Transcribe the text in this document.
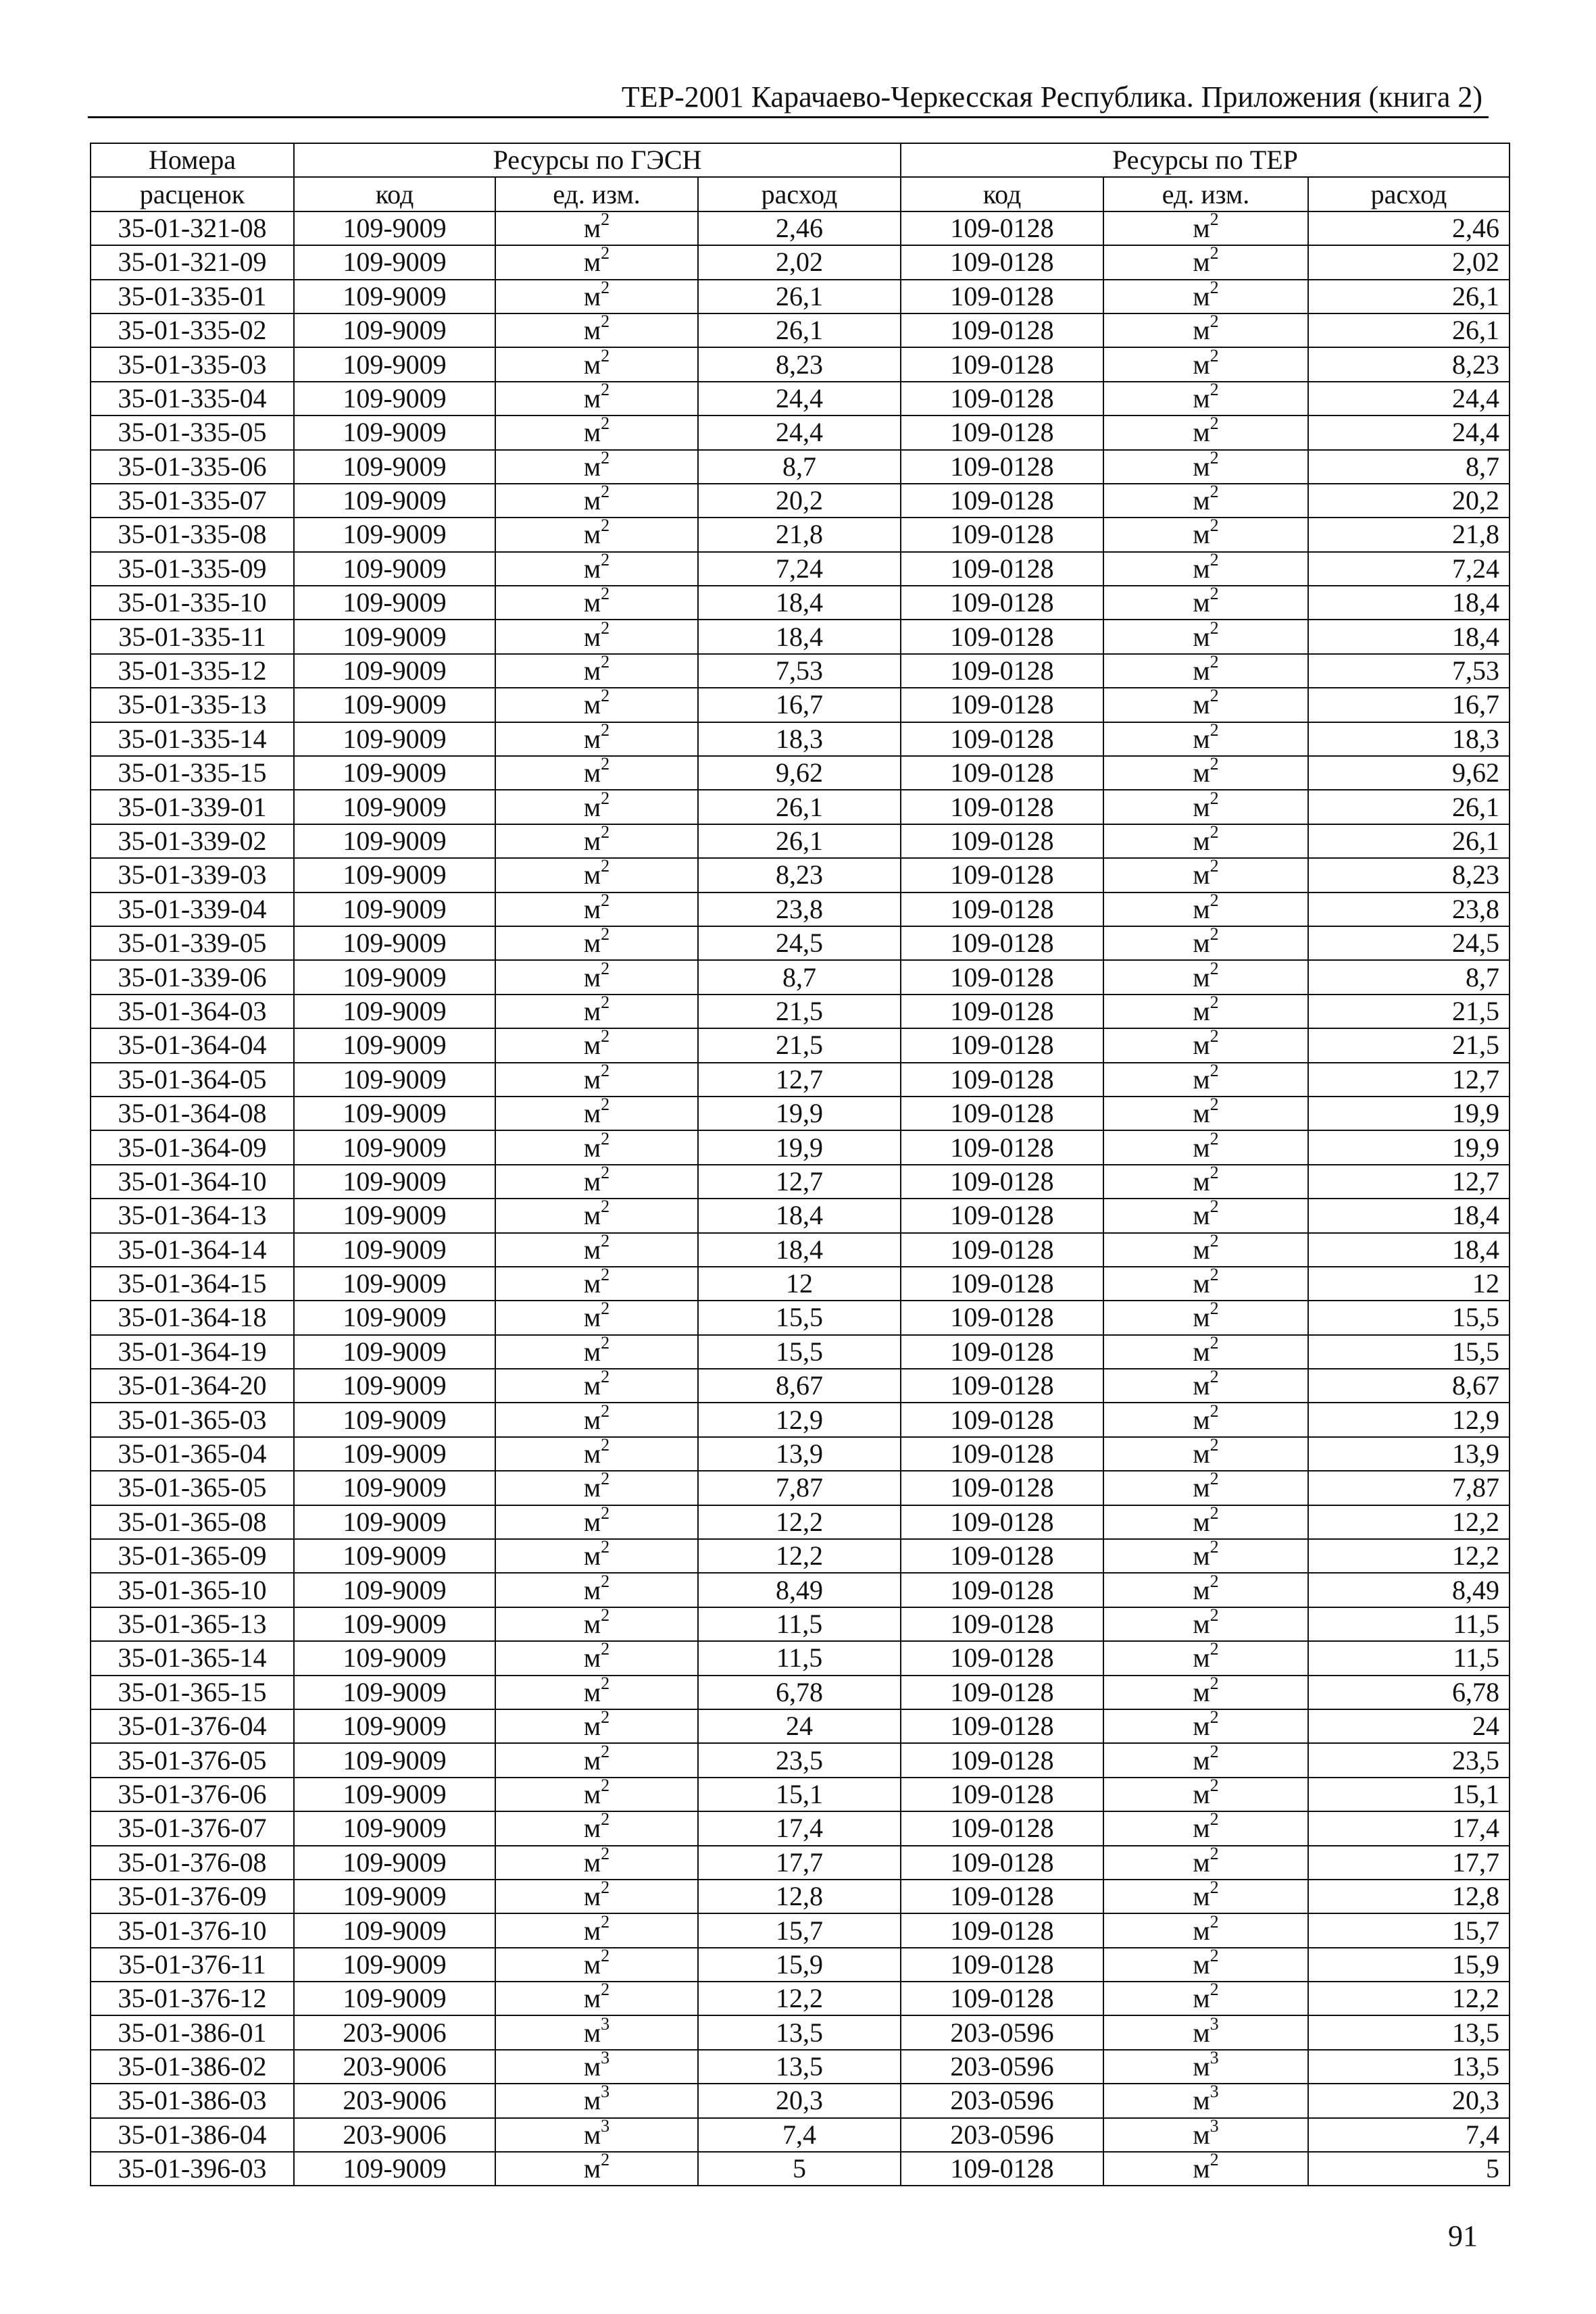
ТЕР-2001 Карачаево-Черкесская Республика. Приложения (книга 2)
Номера	Ресурсы по ГЭСН			Ресурсы по ТЕР		
расценок	код	ед. изм.	расход	код	ед. изм.	расход
35-01-321-08	109-9009	$м^2$	2,46	109-0128	$м^2$	2,46
35-01-321-09	109-9009	$м^2$	2,02	109-0128	$м^2$	2,02
35-01-335-01	109-9009	$м^2$	26,1	109-0128	$м^2$	26,1
35-01-335-02	109-9009	$м^2$	26,1	109-0128	$м^2$	26,1
35-01-335-03	109-9009	$м^2$	8,23	109-0128	$м^2$	8,23
35-01-335-04	109-9009	$м^2$	24,4	109-0128	$м^2$	24,4
35-01-335-05	109-9009	$м^2$	24,4	109-0128	$м^2$	24,4
35-01-335-06	109-9009	$м^2$	8,7	109-0128	$м^2$	8,7
35-01-335-07	109-9009	$м^2$	20,2	109-0128	$м^2$	20,2
35-01-335-08	109-9009	$м^2$	21,8	109-0128	$м^2$	21,8
35-01-335-09	109-9009	$м^2$	7,24	109-0128	$м^2$	7,24
35-01-335-10	109-9009	$м^2$	18,4	109-0128	$м^2$	18,4
35-01-335-11	109-9009	$м^2$	18,4	109-0128	$м^2$	18,4
35-01-335-12	109-9009	$м^2$	7,53	109-0128	$м^2$	7,53
35-01-335-13	109-9009	$м^2$	16,7	109-0128	$м^2$	16,7
35-01-335-14	109-9009	$м^2$	18,3	109-0128	$м^2$	18,3
35-01-335-15	109-9009	$м^2$	9,62	109-0128	$м^2$	9,62
35-01-339-01	109-9009	$м^2$	26,1	109-0128	$м^2$	26,1
35-01-339-02	109-9009	$м^2$	26,1	109-0128	$м^2$	26,1
35-01-339-03	109-9009	$м^2$	8,23	109-0128	$м^2$	8,23
35-01-339-04	109-9009	$м^2$	23,8	109-0128	$м^2$	23,8
35-01-339-05	109-9009	$м^2$	24,5	109-0128	$м^2$	24,5
35-01-339-06	109-9009	$м^2$	8,7	109-0128	$м^2$	8,7
35-01-364-03	109-9009	$м^2$	21,5	109-0128	$м^2$	21,5
35-01-364-04	109-9009	$м^2$	21,5	109-0128	$м^2$	21,5
35-01-364-05	109-9009	$м^2$	12,7	109-0128	$м^2$	12,7
35-01-364-08	109-9009	$м^2$	19,9	109-0128	$м^2$	19,9
35-01-364-09	109-9009	$м^2$	19,9	109-0128	$м^2$	19,9
35-01-364-10	109-9009	$м^2$	12,7	109-0128	$м^2$	12,7
35-01-364-13	109-9009	$м^2$	18,4	109-0128	$м^2$	18,4
35-01-364-14	109-9009	$м^2$	18,4	109-0128	$м^2$	18,4
35-01-364-15	109-9009	$м^2$	12	109-0128	$м^2$	12
35-01-364-18	109-9009	$м^2$	15,5	109-0128	$м^2$	15,5
35-01-364-19	109-9009	$м^2$	15,5	109-0128	$м^2$	15,5
35-01-364-20	109-9009	$м^2$	8,67	109-0128	$м^2$	8,67
35-01-365-03	109-9009	$м^2$	12,9	109-0128	$м^2$	12,9
35-01-365-04	109-9009	$м^2$	13,9	109-0128	$м^2$	13,9
35-01-365-05	109-9009	$м^2$	7,87	109-0128	$м^2$	7,87
35-01-365-08	109-9009	$м^2$	12,2	109-0128	$м^2$	12,2
35-01-365-09	109-9009	$м^2$	12,2	109-0128	$м^2$	12,2
35-01-365-10	109-9009	$м^2$	8,49	109-0128	$м^2$	8,49
35-01-365-13	109-9009	$м^2$	11,5	109-0128	$м^2$	11,5
35-01-365-14	109-9009	$м^2$	11,5	109-0128	$м^2$	11,5
35-01-365-15	109-9009	$м^2$	6,78	109-0128	$м^2$	6,78
35-01-376-04	109-9009	$м^2$	24	109-0128	$м^2$	24
35-01-376-05	109-9009	$м^2$	23,5	109-0128	$м^2$	23,5
35-01-376-06	109-9009	$м^2$	15,1	109-0128	$м^2$	15,1
35-01-376-07	109-9009	$м^2$	17,4	109-0128	$м^2$	17,4
35-01-376-08	109-9009	$м^2$	17,7	109-0128	$м^2$	17,7
35-01-376-09	109-9009	$м^2$	12,8	109-0128	$м^2$	12,8
35-01-376-10	109-9009	$м^2$	15,7	109-0128	$м^2$	15,7
35-01-376-11	109-9009	$м^2$	15,9	109-0128	$м^2$	15,9
35-01-376-12	109-9009	$м^2$	12,2	109-0128	$м^2$	12,2
35-01-386-01	203-9006	$м^3$	13,5	203-0596	$м^3$	13,5
35-01-386-02	203-9006	$м^3$	13,5	203-0596	$м^3$	13,5
35-01-386-03	203-9006	$м^3$	20,3	203-0596	$м^3$	20,3
35-01-386-04	203-9006	$м^3$	7,4	203-0596	$м^3$	7,4
35-01-396-03	109-9009	$м^2$	5	109-0128	$м^2$	5
91
